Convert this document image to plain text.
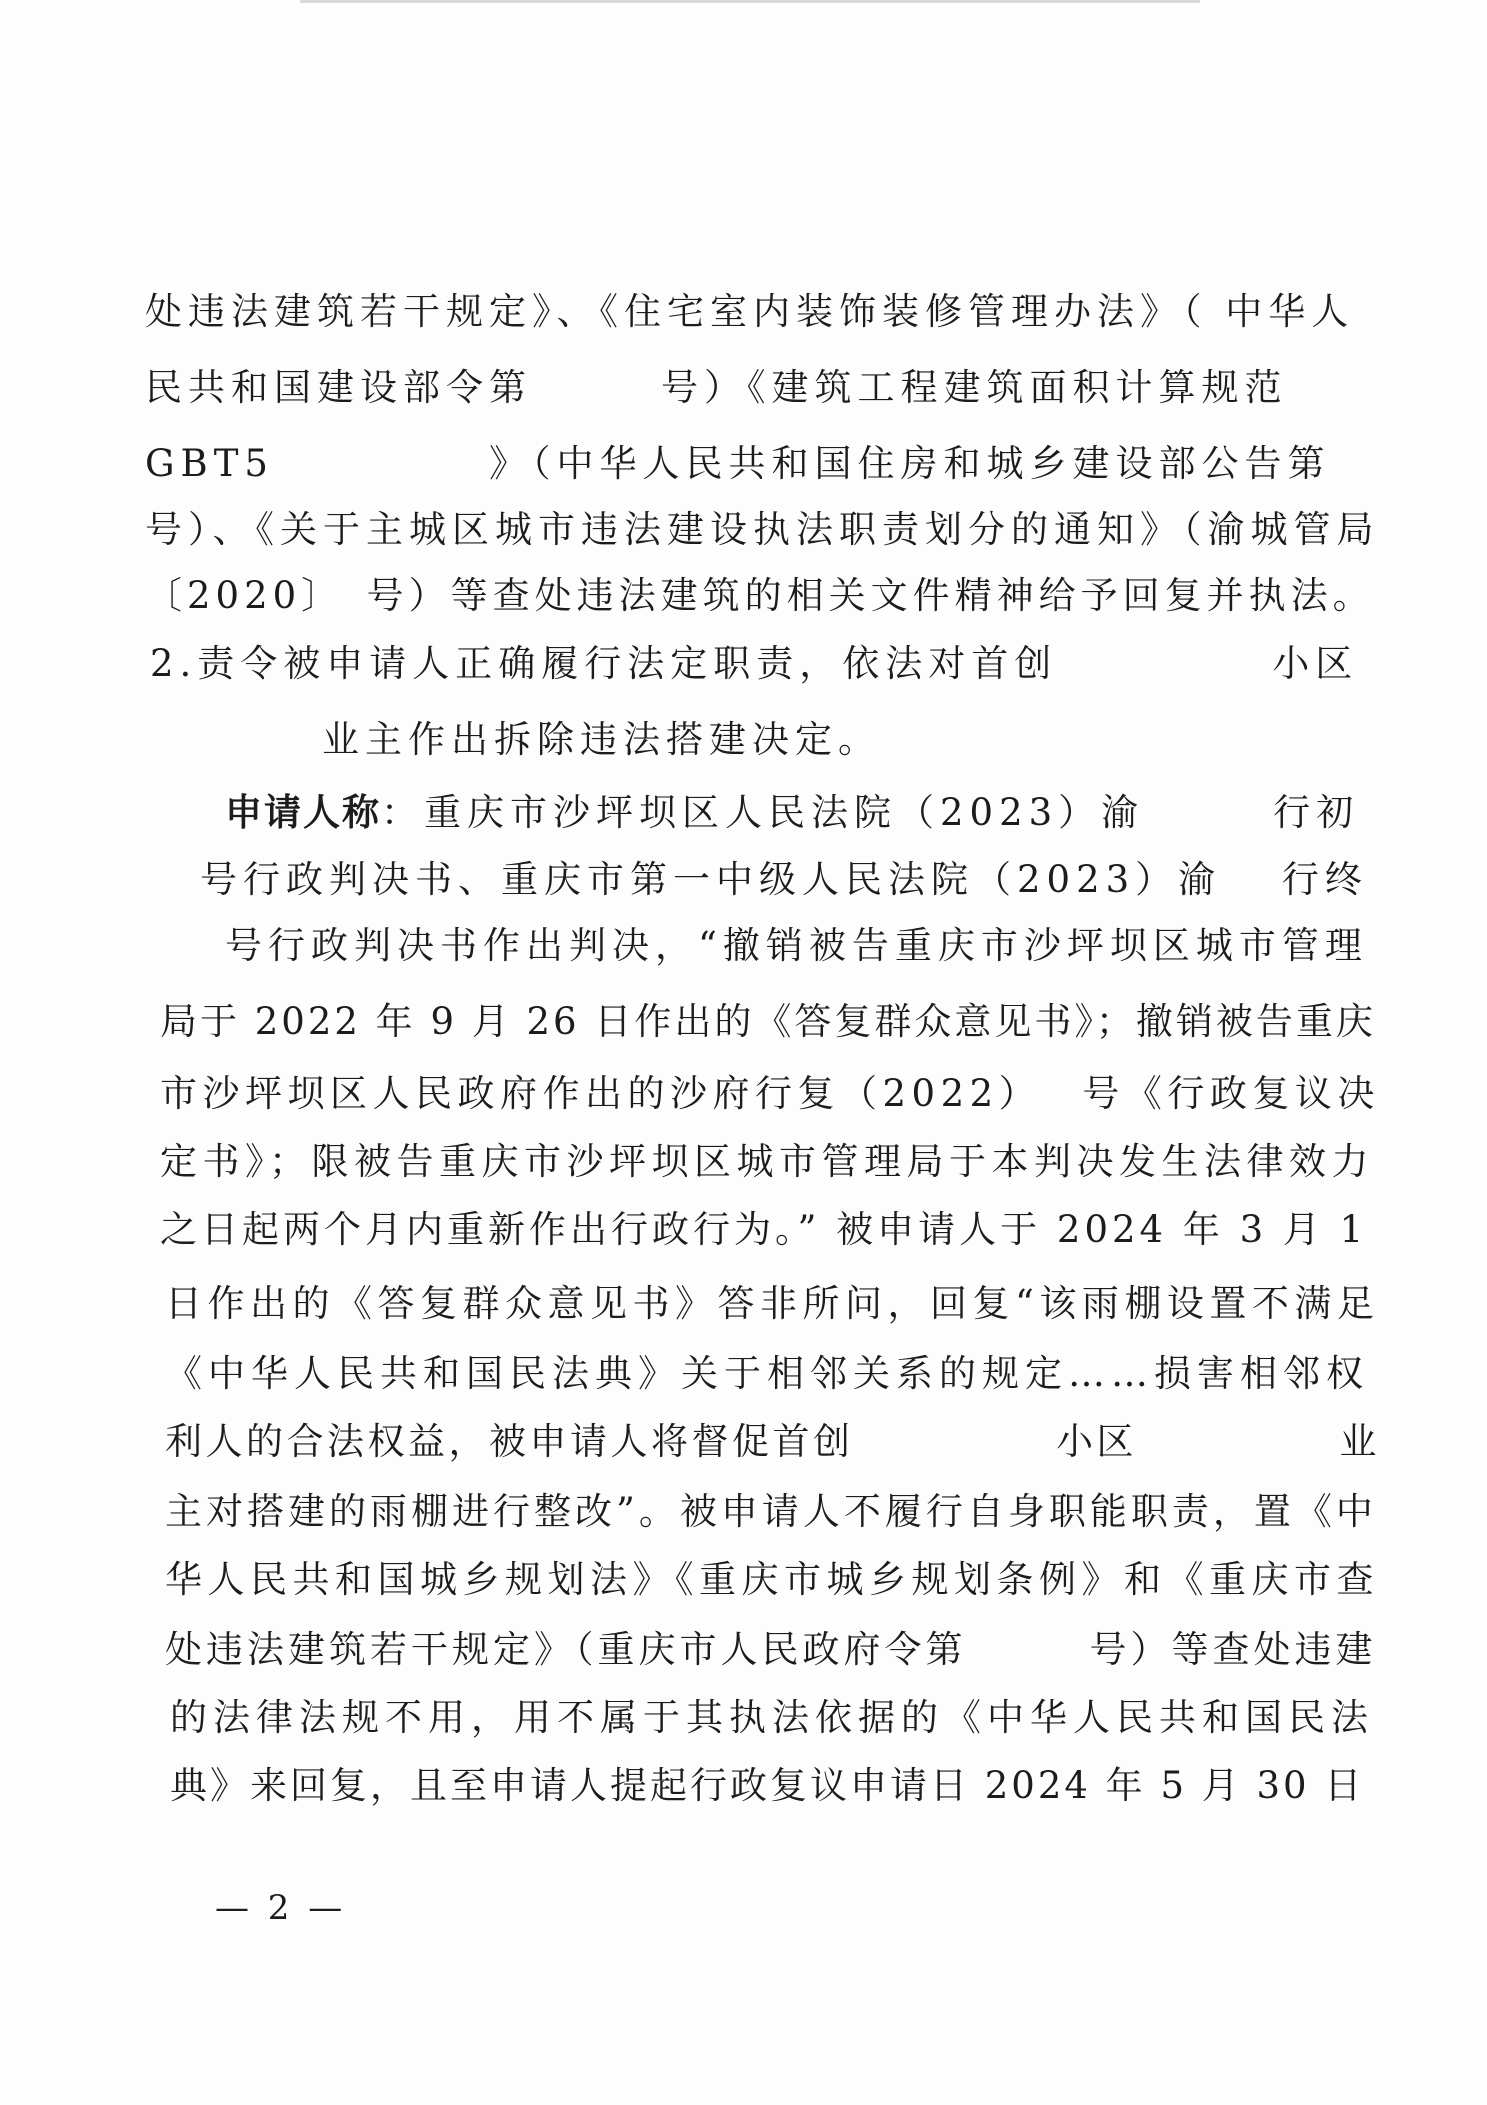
处违法建筑若干规定》、《住宅室内装饰装修管理办法》（ 中华人
民共和国建设部令第　　　号）《建筑工程建筑面积计算规范
GBT5　　　　　》（中华人民共和国住房和城乡建设部公告第
号）、《关于主城区城市违法建设执法职责划分的通知》（渝城管局
〔2020〕　号）等查处违法建筑的相关文件精神给予回复并执法。
2.责令被申请人正确履行法定职责，依法对首创　　　　　小区
　　　　业主作出拆除违法搭建决定。
申请人称：重庆市沙坪坝区人民法院（2023）渝　　　行初
号行政判决书、重庆市第一中级人民法院（2023）渝　 行终
号行政判决书作出判决，“撤销被告重庆市沙坪坝区城市管理
局于 2022 年 9 月 26 日作出的《答复群众意见书》；撤销被告重庆
市沙坪坝区人民政府作出的沙府行复（2022）　 号《行政复议决
定书》；限被告重庆市沙坪坝区城市管理局于本判决发生法律效力
之日起两个月内重新作出行政行为。” 被申请人于 2024 年 3 月 1
日作出的《答复群众意见书》答非所问，回复“该雨棚设置不满足
《中华人民共和国民法典》关于相邻关系的规定……损害相邻权
利人的合法权益，被申请人将督促首创　　　　　小区　　　　　业
主对搭建的雨棚进行整改”。被申请人不履行自身职能职责，置《中
华人民共和国城乡规划法》《重庆市城乡规划条例》和《重庆市查
处违法建筑若干规定》（重庆市人民政府令第　　　号）等查处违建
的法律法规不用，用不属于其执法依据的《中华人民共和国民法
典》来回复，且至申请人提起行政复议申请日 2024 年 5 月 30 日
— 2 —
